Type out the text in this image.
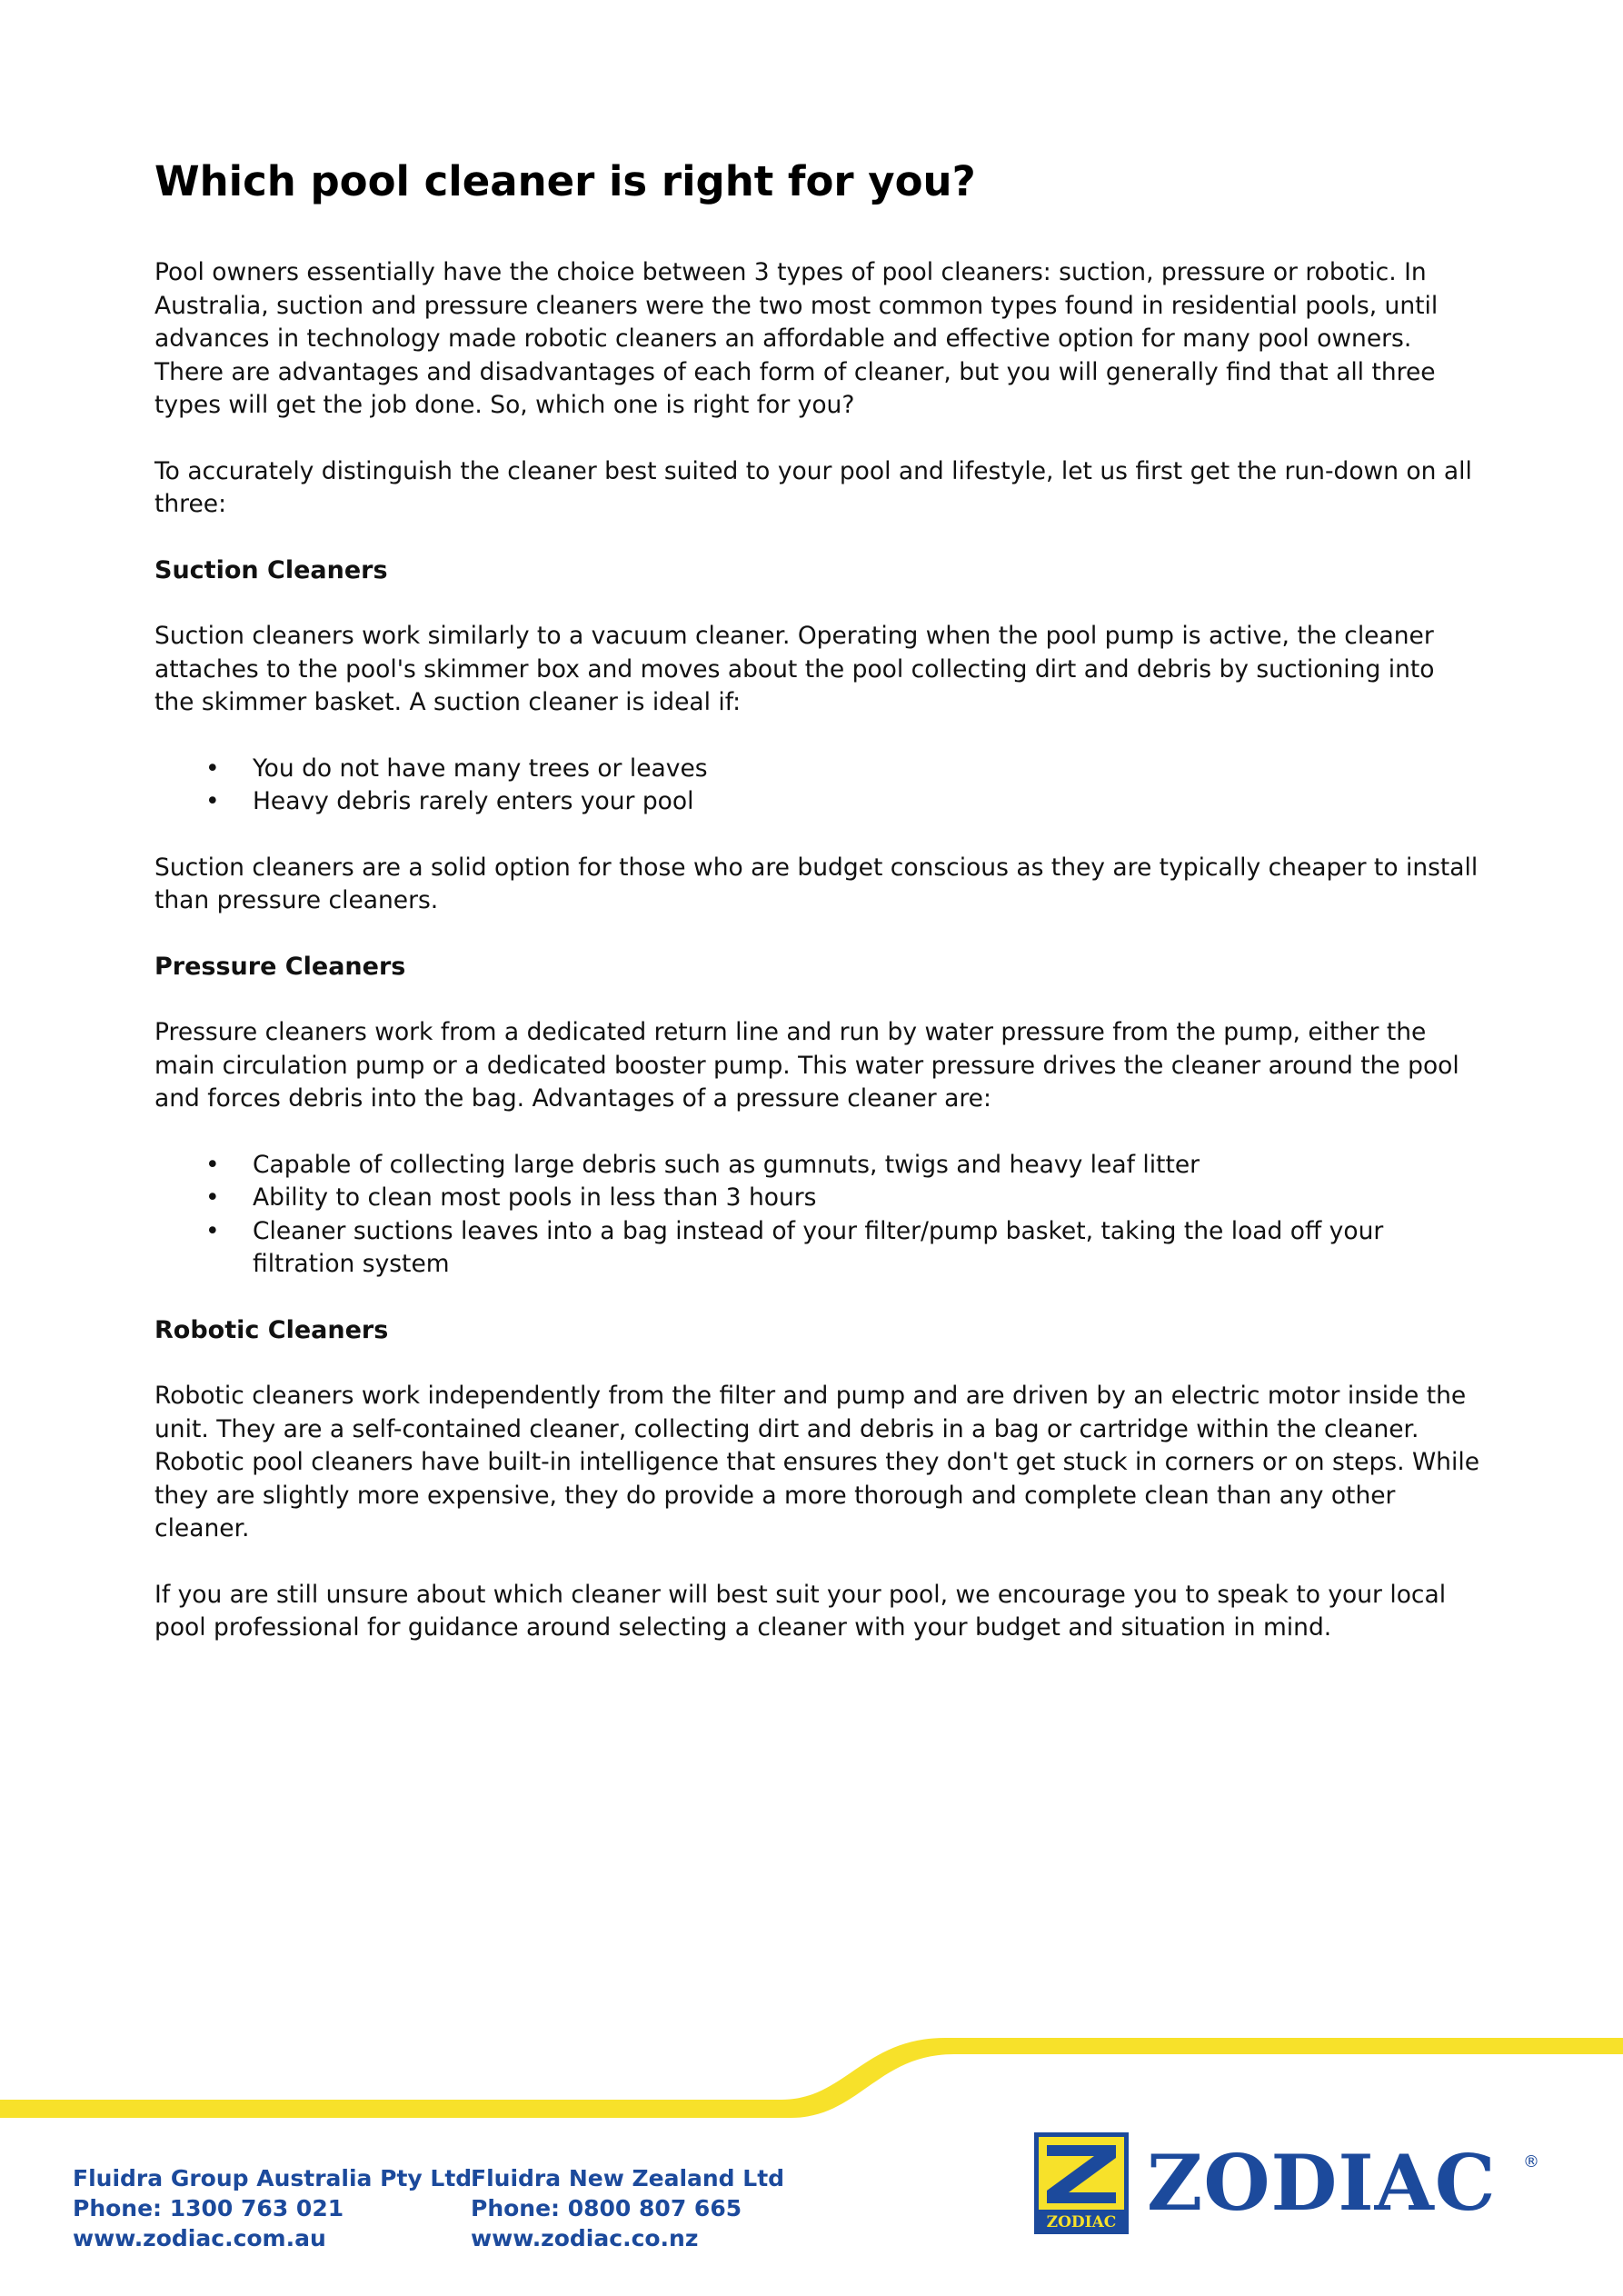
Which pool cleaner is right for you?

Pool owners essentially have the choice between 3 types of pool cleaners: suction, pressure or robotic. In Australia, suction and pressure cleaners were the two most common types found in residential pools, until advances in technology made robotic cleaners an affordable and effective option for many pool owners. There are advantages and disadvantages of each form of cleaner, but you will generally find that all three types will get the job done. So, which one is right for you?

To accurately distinguish the cleaner best suited to your pool and lifestyle, let us first get the run-down on all three:

Suction Cleaners

Suction cleaners work similarly to a vacuum cleaner. Operating when the pool pump is active, the cleaner attaches to the pool's skimmer box and moves about the pool collecting dirt and debris by suctioning into the skimmer basket. A suction cleaner is ideal if:

• You do not have many trees or leaves
• Heavy debris rarely enters your pool

Suction cleaners are a solid option for those who are budget conscious as they are typically cheaper to install than pressure cleaners.

Pressure Cleaners

Pressure cleaners work from a dedicated return line and run by water pressure from the pump, either the main circulation pump or a dedicated booster pump. This water pressure drives the cleaner around the pool and forces debris into the bag. Advantages of a pressure cleaner are:

• Capable of collecting large debris such as gumnuts, twigs and heavy leaf litter
• Ability to clean most pools in less than 3 hours
• Cleaner suctions leaves into a bag instead of your filter/pump basket, taking the load off your filtration system
Robotic Cleaners

Robotic cleaners work independently from the filter and pump and are driven by an electric motor inside the unit. They are a self-contained cleaner, collecting dirt and debris in a bag or cartridge within the cleaner. Robotic pool cleaners have built-in intelligence that ensures they don't get stuck in corners or on steps. While they are slightly more expensive, they do provide a more thorough and complete clean than any other cleaner.

If you are still unsure about which cleaner will best suit your pool, we encourage you to speak to your local pool professional for guidance around selecting a cleaner with your budget and situation in mind.

Fluidra Group Australia Pty Ltd
Phone: 1300 763 021
www.zodiac.com.au
Fluidra New Zealand Ltd
Phone: 0800 807 665
www.zodiac.co.nz
ZODIAC ZODIAC ®
